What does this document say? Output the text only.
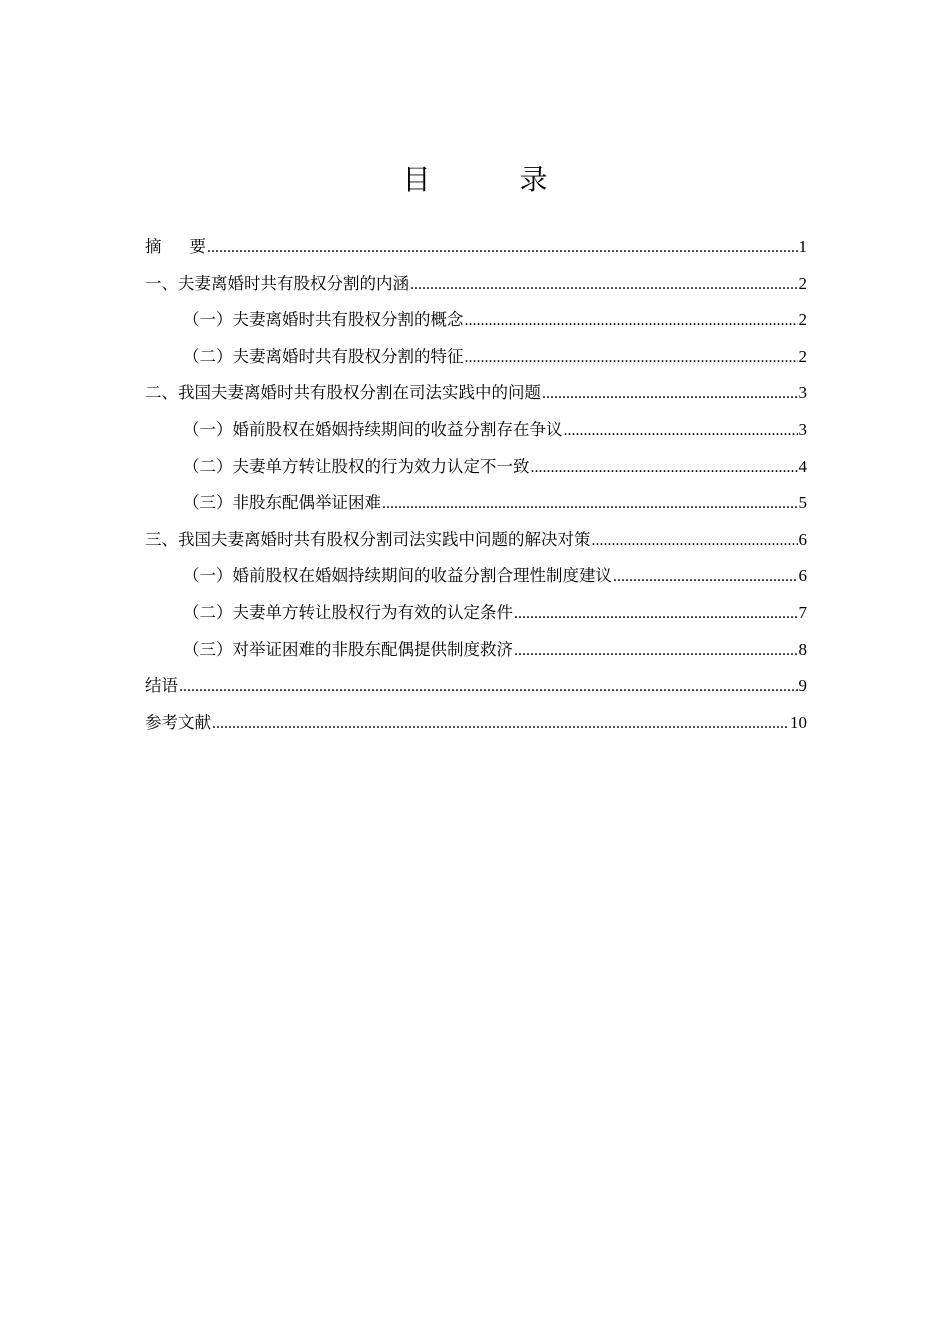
目 录
摘 要 .....	1
一、夫妻离婚时共有股权分割的内涵 .....	2
（一）夫妻离婚时共有股权分割的概念 .....	2
（二）夫妻离婚时共有股权分割的特征 .....	2
二、我国夫妻离婚时共有股权分割在司法实践中的问题 .....	3
（一）婚前股权在婚姻持续期间的收益分割存在争议 .....	3
（二）夫妻单方转让股权的行为效力认定不一致 .....	4
（三）非股东配偶举证困难 .....	5
三、我国夫妻离婚时共有股权分割司法实践中问题的解决对策 .....	6
（一）婚前股权在婚姻持续期间的收益分割合理性制度建议 .....	6
（二）夫妻单方转让股权行为有效的认定条件 .....	7
（三）对举证困难的非股东配偶提供制度救济 .....	8
结语 .....	9
参考文献 .....	10
